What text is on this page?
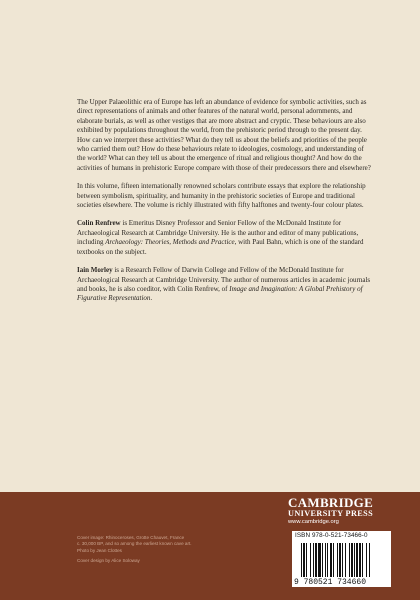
The Upper Palaeolithic era of Europe has left an abundance of evidence for symbolic activities, such as direct representations of animals and other features of the natural world, personal adornments, and elaborate burials, as well as other vestiges that are more abstract and cryptic. These behaviours are also exhibited by populations throughout the world, from the prehistoric period through to the present day. How can we interpret these activities? What do they tell us about the beliefs and priorities of the people who carried them out? How do these behaviours relate to ideologies, cosmology, and understanding of the world? What can they tell us about the emergence of ritual and religious thought? And how do the activities of humans in prehistoric Europe compare with those of their predecessors there and elsewhere?

In this volume, fifteen internationally renowned scholars contribute essays that explore the relationship between symbolism, spirituality, and humanity in the prehistoric societies of Europe and traditional societies elsewhere. The volume is richly illustrated with fifty halftones and twenty-four colour plates.

Colin Renfrew is Emeritus Disney Professor and Senior Fellow of the McDonald Institute for Archaeological Research at Cambridge University. He is the author and editor of many publications, including Archaeology: Theories, Methods and Practice, with Paul Bahn, which is one of the standard textbooks on the subject.

Iain Morley is a Research Fellow of Darwin College and Fellow of the McDonald Institute for Archaeological Research at Cambridge University. The author of numerous articles in academic journals and books, he is also coeditor, with Colin Renfrew, of Image and Imagination: A Global Prehistory of Figurative Representation.

Cover image: Rhinoceroses, Grotte Chauvet, France
c. 30,000 BP, and so among the earliest known cave art.
Photo by Jean Clottes
Cover design by Alice Soloway
CAMBRIDGE
UNIVERSITY PRESS
www.cambridge.org
ISBN 978-0-521-73466-0
9 780521 734660
